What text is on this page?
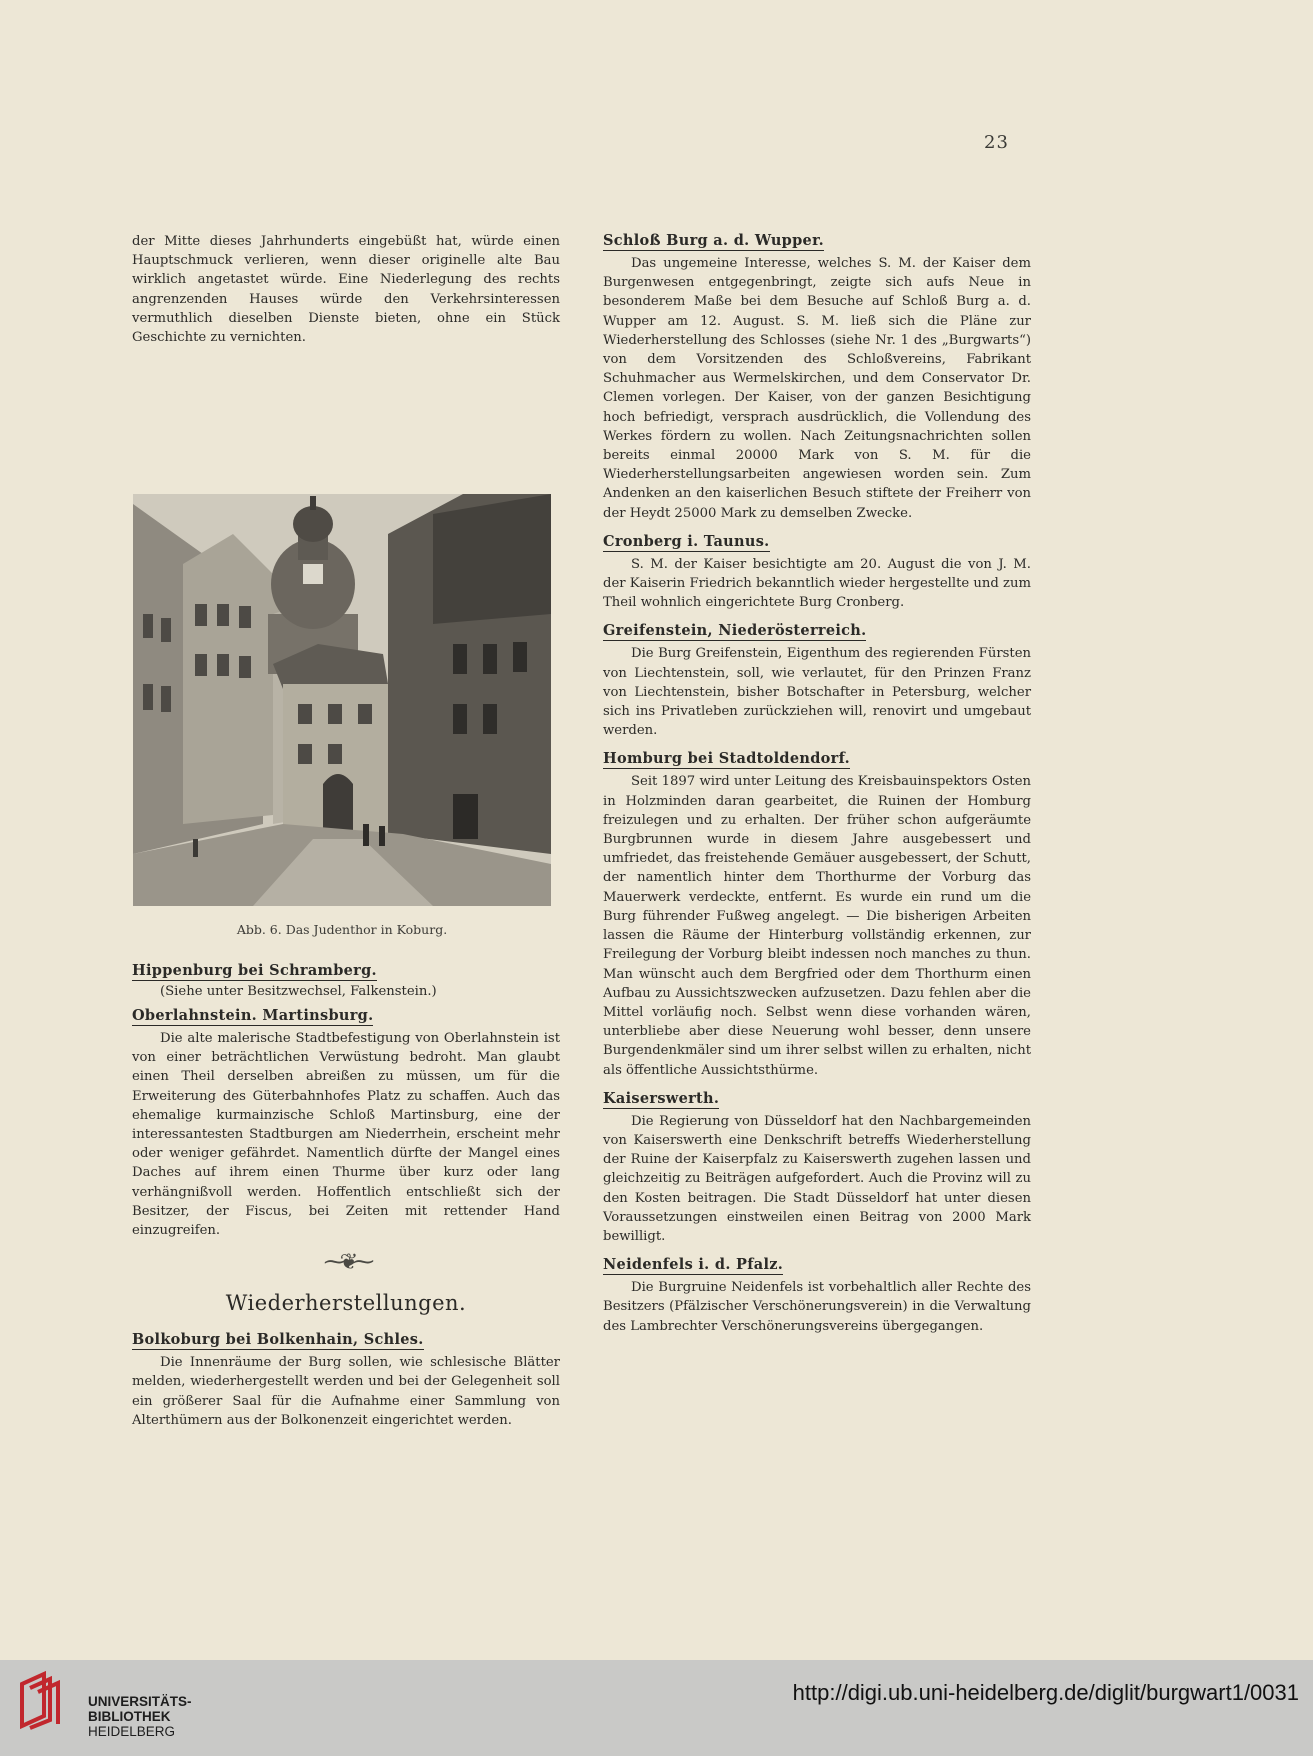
23

der Mitte dieses Jahrhunderts eingebüßt hat, würde einen Hauptschmuck verlieren, wenn dieser originelle alte Bau wirklich angetastet würde. Eine Niederlegung des rechts angrenzenden Hauses würde den Verkehrsinteressen vermuthlich dieselben Dienste bieten, ohne ein Stück Geschichte zu vernichten.

Abb. 6. Das Judenthor in Koburg.
Hippenburg bei Schramberg.
(Siehe unter Besitzwechsel, Falkenstein.)
Oberlahnstein. Martinsburg.

Die alte malerische Stadtbefestigung von Oberlahnstein ist von einer beträchtlichen Verwüstung bedroht. Man glaubt einen Theil derselben abreißen zu müssen, um für die Erweiterung des Güterbahnhofes Platz zu schaffen. Auch das ehemalige kurmainzische Schloß Martinsburg, eine der interessantesten Stadtburgen am Niederrhein, erscheint mehr oder weniger gefährdet. Namentlich dürfte der Mangel eines Daches auf ihrem einen Thurme über kurz oder lang verhängnißvoll werden. Hoffentlich entschließt sich der Besitzer, der Fiscus, bei Zeiten mit rettender Hand einzugreifen.

⁓❦⁓
Wiederherstellungen.
Bolkoburg bei Bolkenhain, Schles.

Die Innenräume der Burg sollen, wie schlesische Blätter melden, wiederhergestellt werden und bei der Gelegenheit soll ein größerer Saal für die Aufnahme einer Sammlung von Alterthümern aus der Bolkonenzeit eingerichtet werden.

Schloß Burg a. d. Wupper.

Das ungemeine Interesse, welches S. M. der Kaiser dem Burgenwesen entgegenbringt, zeigte sich aufs Neue in besonderem Maße bei dem Besuche auf Schloß Burg a. d. Wupper am 12. August. S. M. ließ sich die Pläne zur Wiederherstellung des Schlosses (siehe Nr. 1 des „Burgwarts“) von dem Vorsitzenden des Schloßvereins, Fabrikant Schuhmacher aus Wermelskirchen, und dem Conservator Dr. Clemen vorlegen. Der Kaiser, von der ganzen Besichtigung hoch befriedigt, versprach ausdrücklich, die Vollendung des Werkes fördern zu wollen. Nach Zeitungsnachrichten sollen bereits einmal 20000 Mark von S. M. für die Wiederherstellungsarbeiten angewiesen worden sein. Zum Andenken an den kaiserlichen Besuch stiftete der Freiherr von der Heydt 25000 Mark zu demselben Zwecke.

Cronberg i. Taunus.

S. M. der Kaiser besichtigte am 20. August die von J. M. der Kaiserin Friedrich bekanntlich wieder hergestellte und zum Theil wohnlich eingerichtete Burg Cronberg.

Greifenstein, Niederösterreich.

Die Burg Greifenstein, Eigenthum des regierenden Fürsten von Liechtenstein, soll, wie verlautet, für den Prinzen Franz von Liechtenstein, bisher Botschafter in Petersburg, welcher sich ins Privatleben zurückziehen will, renovirt und umgebaut werden.

Homburg bei Stadtoldendorf.

Seit 1897 wird unter Leitung des Kreisbauinspektors Osten in Holzminden daran gearbeitet, die Ruinen der Homburg freizulegen und zu erhalten. Der früher schon aufgeräumte Burgbrunnen wurde in diesem Jahre ausgebessert und umfriedet, das freistehende Gemäuer ausgebessert, der Schutt, der namentlich hinter dem Thorthurme der Vorburg das Mauerwerk verdeckte, entfernt. Es wurde ein rund um die Burg führender Fußweg angelegt. — Die bisherigen Arbeiten lassen die Räume der Hinterburg vollständig erkennen, zur Freilegung der Vorburg bleibt indessen noch manches zu thun. Man wünscht auch dem Bergfried oder dem Thorthurm einen Aufbau zu Aussichtszwecken aufzusetzen. Dazu fehlen aber die Mittel vorläufig noch. Selbst wenn diese vorhanden wären, unterbliebe aber diese Neuerung wohl besser, denn unsere Burgendenkmäler sind um ihrer selbst willen zu erhalten, nicht als öffentliche Aussichtsthürme.

Kaiserswerth.

Die Regierung von Düsseldorf hat den Nachbargemeinden von Kaiserswerth eine Denkschrift betreffs Wiederherstellung der Ruine der Kaiserpfalz zu Kaiserswerth zugehen lassen und gleichzeitig zu Beiträgen aufgefordert. Auch die Provinz will zu den Kosten beitragen. Die Stadt Düsseldorf hat unter diesen Voraussetzungen einstweilen einen Beitrag von 2000 Mark bewilligt.

Neidenfels i. d. Pfalz.

Die Burgruine Neidenfels ist vorbehaltlich aller Rechte des Besitzers (Pfälzischer Verschönerungsverein) in die Verwaltung des Lambrechter Verschönerungsvereins übergegangen.

UNIVERSITÄTS-
BIBLIOTHEK
HEIDELBERG
http://digi.ub.uni-heidelberg.de/diglit/burgwart1/0031
